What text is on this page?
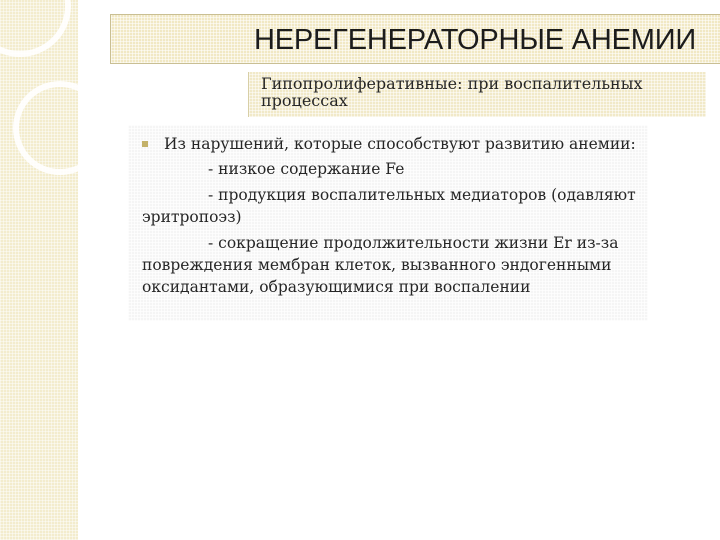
НЕРЕГЕНЕРАТОРНЫЕ АНЕМИИ
Гипопролиферативные: при воспалительных процессах
Из нарушений, которые способствуют развитию анемии:
- низкое содержание Fe
- продукция воспалительных медиаторов (одавляют эритропоэз)
- сокращение продолжительности жизни Er из-за повреждения мембран клеток, вызванного эндогенными оксидантами, образующимися при воспалении
